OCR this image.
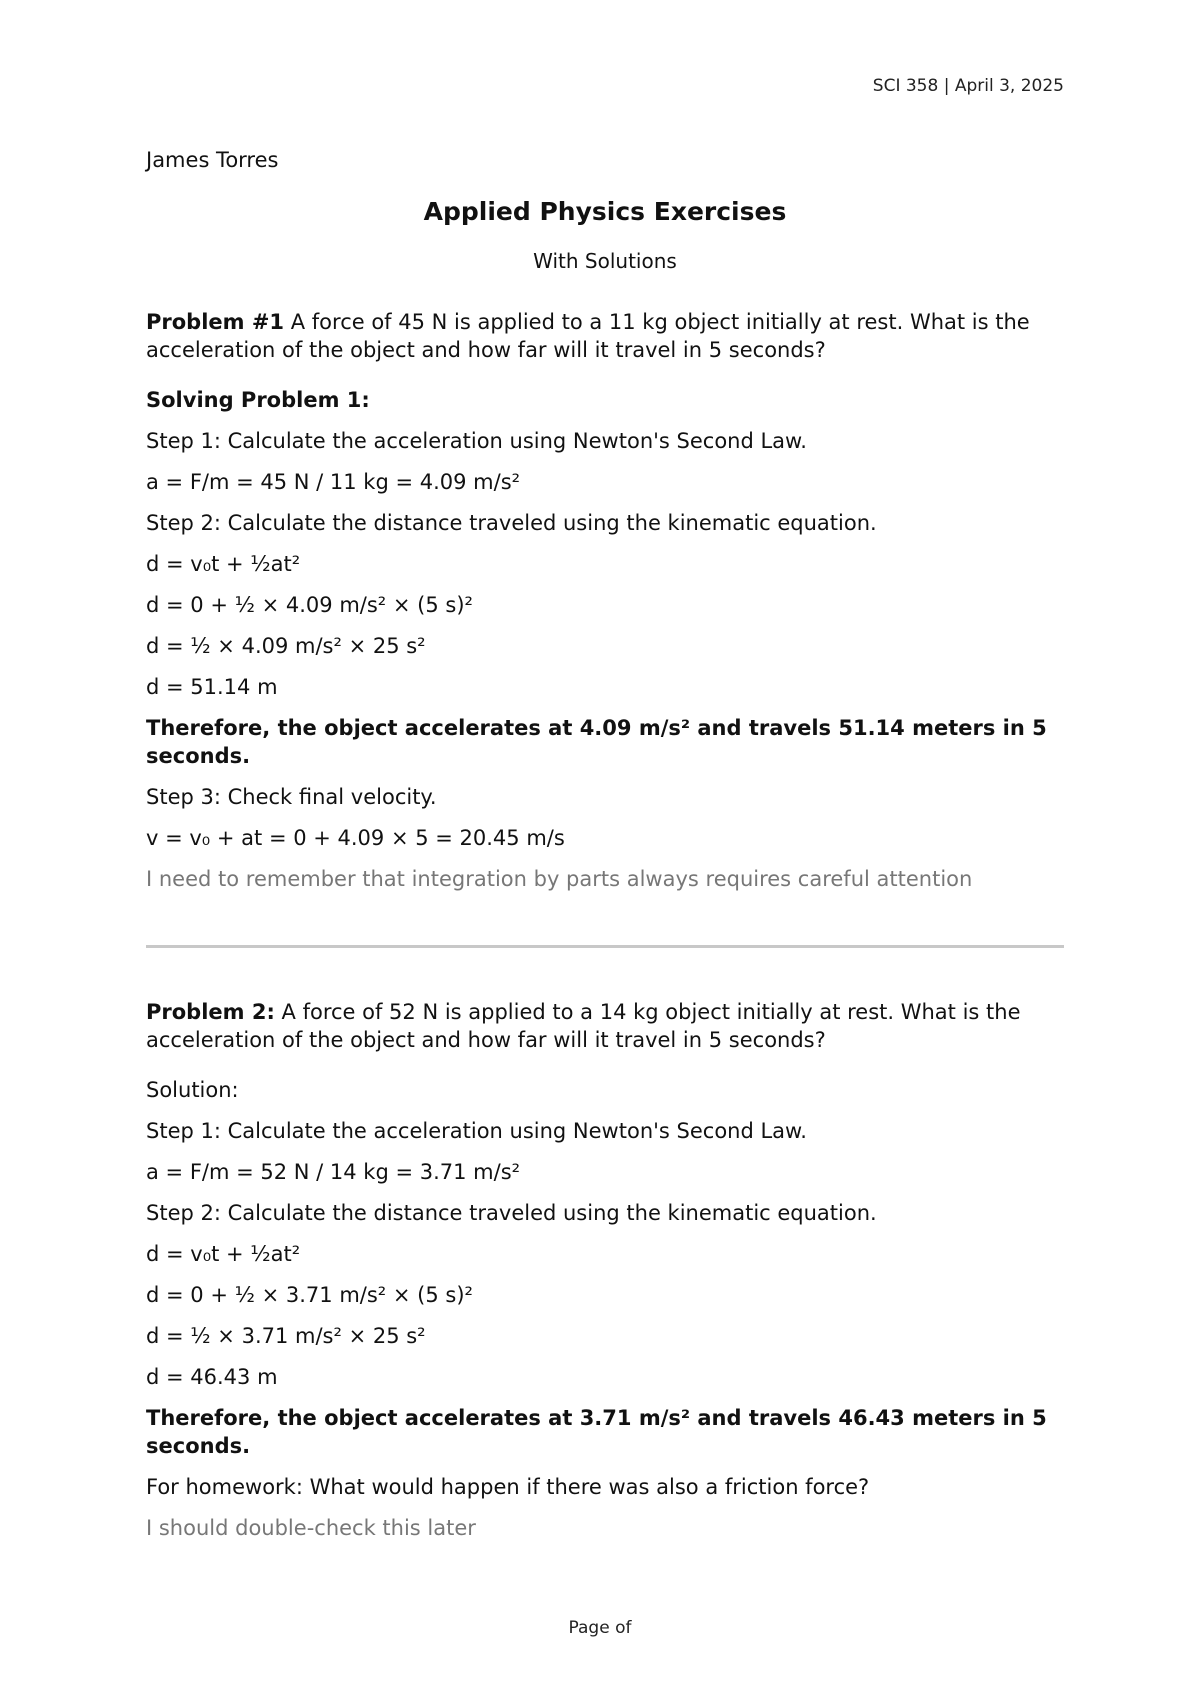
SCI 358 | April 3, 2025
James Torres
Applied Physics Exercises
With Solutions
Problem #1 A force of 45 N is applied to a 11 kg object initially at rest. What is the acceleration of the object and how far will it travel in 5 seconds?
Solving Problem 1:
Step 1: Calculate the acceleration using Newton's Second Law.
a = F/m = 45 N / 11 kg = 4.09 m/s²
Step 2: Calculate the distance traveled using the kinematic equation.
d = v₀t + ½at²
d = 0 + ½ × 4.09 m/s² × (5 s)²
d = ½ × 4.09 m/s² × 25 s²
d = 51.14 m
Therefore, the object accelerates at 4.09 m/s² and travels 51.14 meters in 5 seconds.
Step 3: Check final velocity.
v = v₀ + at = 0 + 4.09 × 5 = 20.45 m/s
I need to remember that integration by parts always requires careful attention
Problem 2: A force of 52 N is applied to a 14 kg object initially at rest. What is the acceleration of the object and how far will it travel in 5 seconds?
Solution:
Step 1: Calculate the acceleration using Newton's Second Law.
a = F/m = 52 N / 14 kg = 3.71 m/s²
Step 2: Calculate the distance traveled using the kinematic equation.
d = v₀t + ½at²
d = 0 + ½ × 3.71 m/s² × (5 s)²
d = ½ × 3.71 m/s² × 25 s²
d = 46.43 m
Therefore, the object accelerates at 3.71 m/s² and travels 46.43 meters in 5 seconds.
For homework: What would happen if there was also a friction force?
I should double-check this later
Page of
